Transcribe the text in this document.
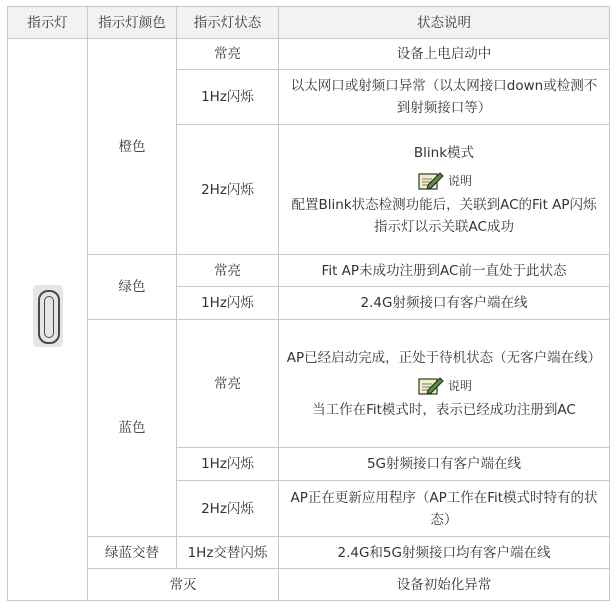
指示灯	指示灯颜色	指示灯状态	状态说明

	橙色	常亮	设备上电启动中
		1Hz闪烁	以太网口或射频口异常（以太网接口down或检测不到射频接口等）
		2Hz闪烁	Blink模式
说明
配置Blink状态检测功能后，关联到AC的Fit AP闪烁指示灯以示关联AC成功

	绿色	常亮	Fit AP未成功注册到AC前一直处于此状态
		1Hz闪烁	2.4G射频接口有客户端在线
	蓝色	常亮	AP已经启动完成，正处于待机状态（无客户端在线）
说明
当工作在Fit模式时，表示已经成功注册到AC

		1Hz闪烁	5G射频接口有客户端在线
		2Hz闪烁	AP正在更新应用程序（AP工作在Fit模式时特有的状态）
	绿蓝交替	1Hz交替闪烁	2.4G和5G射频接口均有客户端在线
	常灭		设备初始化异常
